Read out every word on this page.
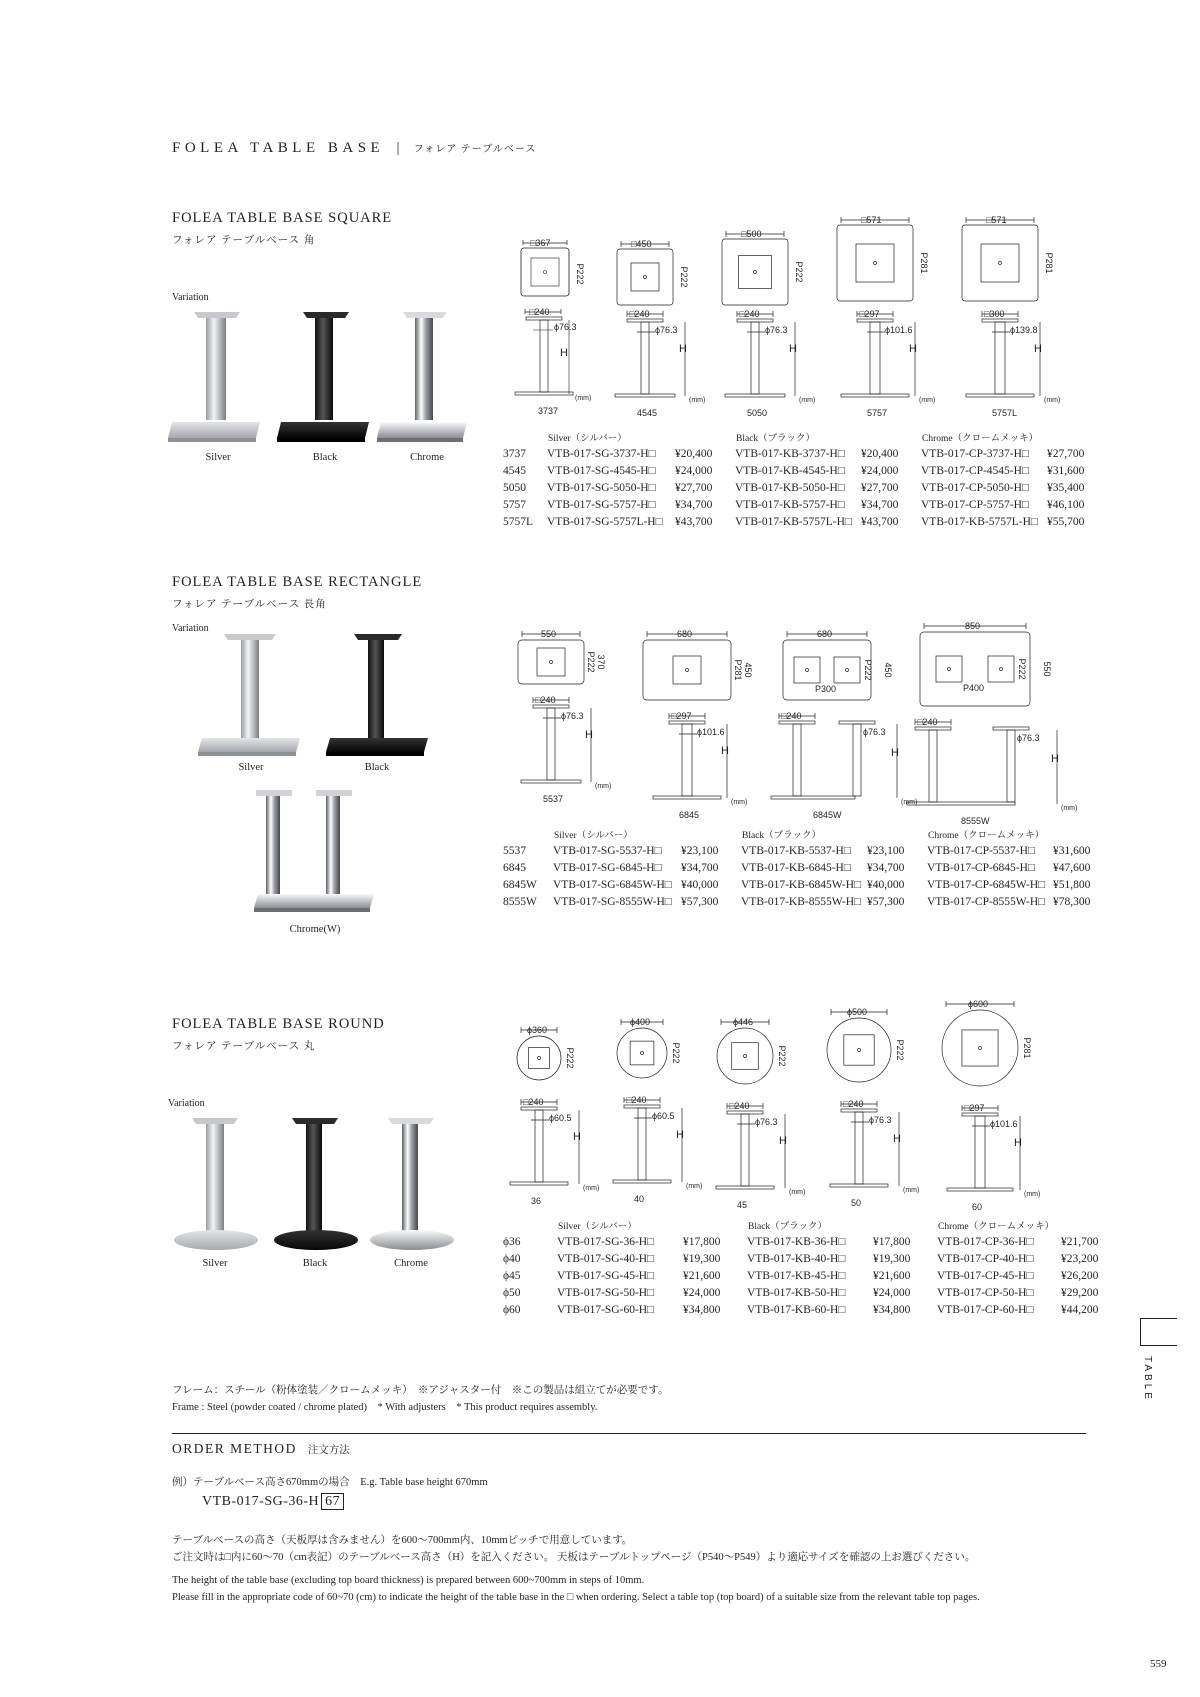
FOLEA TABLE BASE | フォレア テーブルベース
FOLEA TABLE BASE SQUARE
フォレア テーブルベース 角
Variation
Silver	Black	Chrome
□367
P222
□240
ϕ76.3
H
(mm)
3737
□450
P222
□240
ϕ76.3
H
(mm)
4545
□500
P222
□240
ϕ76.3
H
(mm)
5050
□571
P281
□297
ϕ101.6
H
(mm)
5757
□571
P281
□300
ϕ139.8
H
(mm)
5757L
	Silver（シルバー）		Black（ブラック）		Chrome（クロームメッキ）	
3737	VTB-017-SG-3737-H□	¥20,400	VTB-017-KB-3737-H□	¥20,400	VTB-017-CP-3737-H□	¥27,700
4545	VTB-017-SG-4545-H□	¥24,000	VTB-017-KB-4545-H□	¥24,000	VTB-017-CP-4545-H□	¥31,600
5050	VTB-017-SG-5050-H□	¥27,700	VTB-017-KB-5050-H□	¥27,700	VTB-017-CP-5050-H□	¥35,400
5757	VTB-017-SG-5757-H□	¥34,700	VTB-017-KB-5757-H□	¥34,700	VTB-017-CP-5757-H□	¥46,100
5757L	VTB-017-SG-5757L-H□	¥43,700	VTB-017-KB-5757L-H□	¥43,700	VTB-017-KB-5757L-H□	¥55,700
FOLEA TABLE BASE RECTANGLE
フォレア テーブルベース 長角
Variation
Silver	Black
Chrome(W)
550
370
P222
□240
ϕ76.3
H
(mm)
5537
680
450
P281
□297
ϕ101.6
H
(mm)
6845
680
450
P300
P222
□240
ϕ76.3
H
(mm)
6845W
850
550
P400
P222
□240
ϕ76.3
H
(mm)
8555W
	Silver（シルバー）		Black（ブラック）		Chrome（クロームメッキ）	
5537	VTB-017-SG-5537-H□	¥23,100	VTB-017-KB-5537-H□	¥23,100	VTB-017-CP-5537-H□	¥31,600
6845	VTB-017-SG-6845-H□	¥34,700	VTB-017-KB-6845-H□	¥34,700	VTB-017-CP-6845-H□	¥47,600
6845W	VTB-017-SG-6845W-H□	¥40,000	VTB-017-KB-6845W-H□	¥40,000	VTB-017-CP-6845W-H□	¥51,800
8555W	VTB-017-SG-8555W-H□	¥57,300	VTB-017-KB-8555W-H□	¥57,300	VTB-017-CP-8555W-H□	¥78,300
FOLEA TABLE BASE ROUND
フォレア テーブルベース 丸
Variation
Silver	Black	Chrome
ϕ360
P222
□240
ϕ60.5
H
(mm)
36
ϕ400
P222
□240
ϕ60.5
H
(mm)
40
ϕ446
P222
□240
ϕ76.3
H
(mm)
45
ϕ500
P222
□240
ϕ76.3
H
(mm)
50
ϕ600
P281
□297
ϕ101.6
H
(mm)
60
	Silver（シルバー）		Black（ブラック）		Chrome（クロームメッキ）	
ϕ36	VTB-017-SG-36-H□	¥17,800	VTB-017-KB-36-H□	¥17,800	VTB-017-CP-36-H□	¥21,700
ϕ40	VTB-017-SG-40-H□	¥19,300	VTB-017-KB-40-H□	¥19,300	VTB-017-CP-40-H□	¥23,200
ϕ45	VTB-017-SG-45-H□	¥21,600	VTB-017-KB-45-H□	¥21,600	VTB-017-CP-45-H□	¥26,200
ϕ50	VTB-017-SG-50-H□	¥24,000	VTB-017-KB-50-H□	¥24,000	VTB-017-CP-50-H□	¥29,200
ϕ60	VTB-017-SG-60-H□	¥34,800	VTB-017-KB-60-H□	¥34,800	VTB-017-CP-60-H□	¥44,200
フレーム：スチール（粉体塗装／クロームメッキ）　※アジャスター付　※この製品は組立てが必要です。
Frame : Steel (powder coated / chrome plated)　* With adjusters　* This product requires assembly.
ORDER METHOD 注文方法
例）テーブルベース高さ670mmの場合 E.g. Table base height 670mm
VTB-017-SG-36-H 67
テーブルベースの高さ（天板厚は含みません）を600〜700mm内、10mmピッチで用意しています。
ご注文時は□内に60〜70（cm表記）のテーブルベース高さ（H）を記入ください。 天板はテーブルトップページ（P540〜P549）より適応サイズを確認の上お選びください。
The height of the table base (excluding top board thickness) is prepared between 600~700mm in steps of 10mm.
Please fill in the appropriate code of 60~70 (cm) to indicate the height of the table base in the □ when ordering. Select a table top (top board) of a suitable size from the relevant table top pages.
TABLE
559
